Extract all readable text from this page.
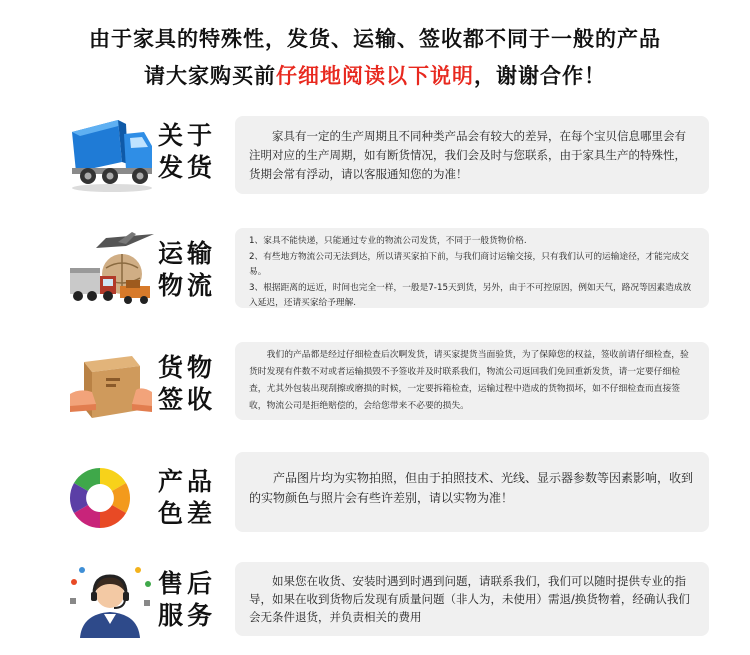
由于家具的特殊性，发货、运输、签收都不同于一般的产品
请大家购买前仔细地阅读以下说明，谢谢合作！
关于
发货

家具有一定的生产周期且不同种类产品会有较大的差异，在每个宝贝信息哪里会有注明对应的生产周期，如有断货情况，我们会及时与您联系，由于家具生产的特殊性，货期会常有浮动，请以客服通知您的为准！

运输
物流
1、家具不能快递，只能通过专业的物流公司发货，不同于一般货物价格.
2、有些地方物流公司无法到达，所以请买家拍下前，与我们商讨运输交接，只有我们认可的运输途径，才能完成交易。
3、根据距离的远近，时间也完全一样，一般是7-15天到货，另外，由于不可控原因，例如天气，路况等因素造成放入延迟，还请买家给予理解.
货物
签收

我们的产品都是经过仔细检查后次啊发货，请买家提货当面验货，为了保障您的权益，签收前请仔细检查，验货时发现有件数不对或者运输损毁不予签收并及时联系我们，物流公司返回我们免回重新发货，请一定要仔细检查，尤其外包装出现刮擦或磨损的时候，一定要拆箱检查，运输过程中造成的货物损坏，如不仔细检查而直接签收，物流公司是拒绝赔偿的，会给您带来不必要的损失。

产品
色差

产品图片均为实物拍照，但由于拍照技术、光线、显示器参数等因素影响，收到的实物颜色与照片会有些许差别，请以实物为准！

售后
服务

如果您在收货、安装时遇到时遇到问题，请联系我们，我们可以随时提供专业的指导，如果在收到货物后发现有质量问题（非人为，未使用）需退/换货物着，经确认我们会无条件退货，并负责相关的费用
